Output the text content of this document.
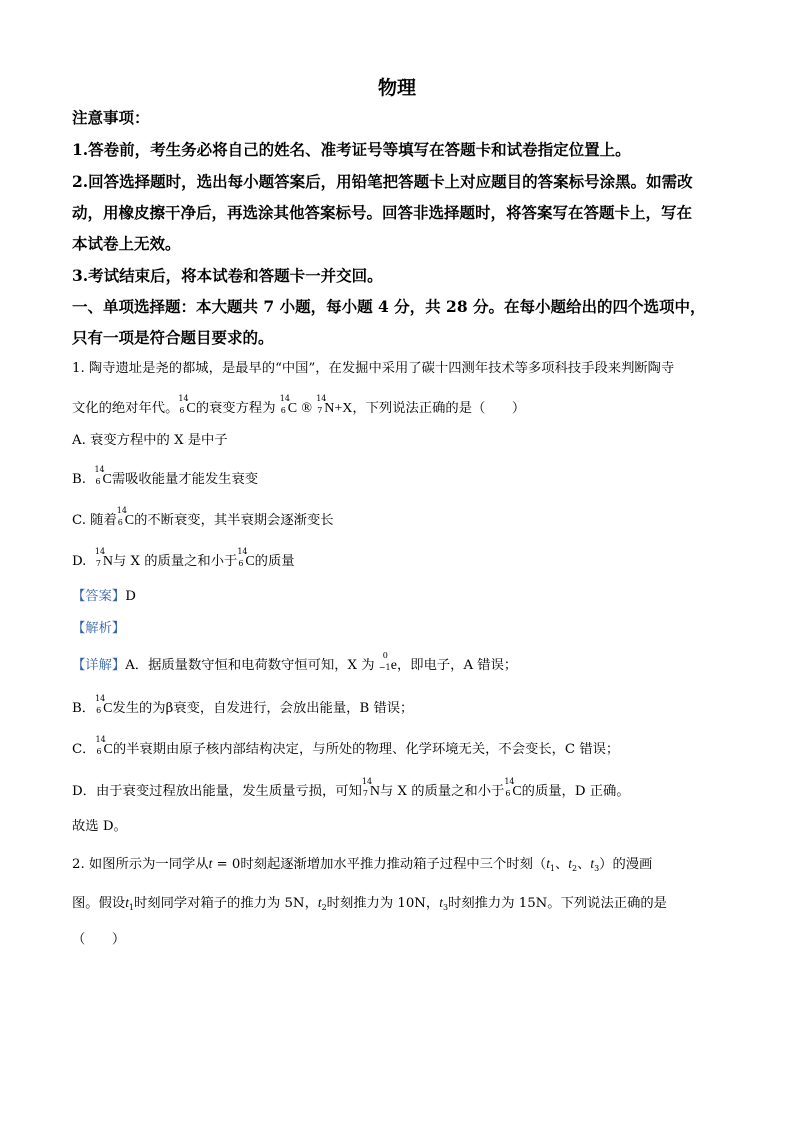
物理
注意事项：
1.答卷前，考生务必将自己的姓名、准考证号等填写在答题卡和试卷指定位置上。
2.回答选择题时，选出每小题答案后，用铅笔把答题卡上对应题目的答案标号涂黑。如需改
动，用橡皮擦干净后，再选涂其他答案标号。回答非选择题时，将答案写在答题卡上，写在
本试卷上无效。
3.考试结束后，将本试卷和答题卡一并交回。
一、单项选择题：本大题共 7 小题，每小题 4 分，共 28 分。在每小题给出的四个选项中，
只有一项是符合题目要求的。
1. 陶寺遗址是尧的都城，是最早的“中国”，在发掘中采用了碳十四测年技术等多项科技手段来判断陶寺
文化的绝对年代。
14
6 C的衰变方程为
14
6 C ®
14
7 N+X，下列说法正确的是（　　）
A. 衰变方程中的 X 是中子
B.
14
6 C需吸收能量才能发生衰变
C. 随着
14
6 C的不断衰变，其半衰期会逐渐变长
D.
14
7 N与 X 的质量之和小于
14
6 C的质量
【答案】D
【解析】
【详解】A．据质量数守恒和电荷数守恒可知，X 为
0
−1 e，即电子，A 错误；
B．
14
6 C发生的为β衰变，自发进行，会放出能量，B 错误；
C．
14
6 C的半衰期由原子核内部结构决定，与所处的物理、化学环境无关，不会变长，C 错误；
D．由于衰变过程放出能量，发生质量亏损，可知
14
7 N与 X 的质量之和小于
14
6 C的质量，D 正确。
故选 D。
2. 如图所示为一同学从t = 0时刻起逐渐增加水平推力推动箱子过程中三个时刻（$t_1$、$t_2$、$t_3$）的漫画
图。假设$t_1$时刻同学对箱子的推力为 5N，$t_2$时刻推力为 10N，$t_3$时刻推力为 15N。下列说法正确的是
（　　）
